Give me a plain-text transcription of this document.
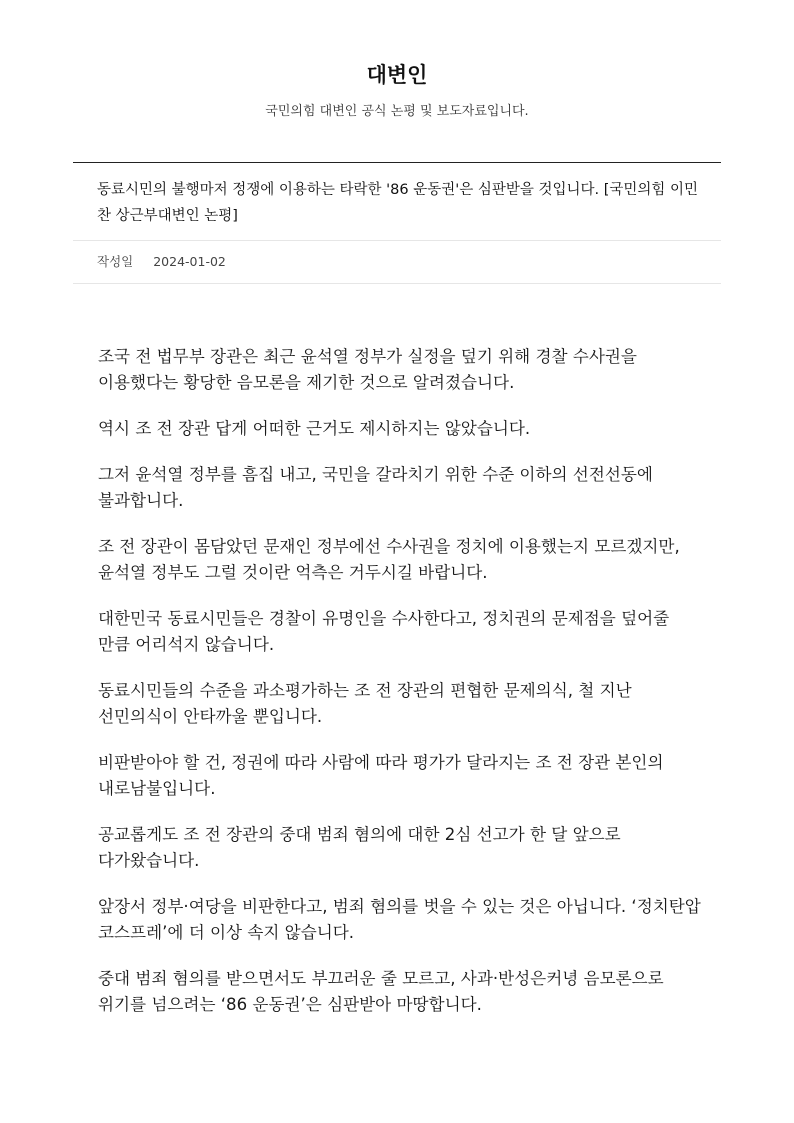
대변인
국민의힘 대변인 공식 논평 및 보도자료입니다.
동료시민의 불행마저 정쟁에 이용하는 타락한 '86 운동권'은 심판받을 것입니다. [국민의힘 이민찬 상근부대변인 논평]
작성일 2024-01-02

조국 전 법무부 장관은 최근 윤석열 정부가 실정을 덮기 위해 경찰 수사권을 이용했다는 황당한 음모론을 제기한 것으로 알려졌습니다.

역시 조 전 장관 답게 어떠한 근거도 제시하지는 않았습니다.

그저 윤석열 정부를 흠집 내고, 국민을 갈라치기 위한 수준 이하의 선전선동에 불과합니다.

조 전 장관이 몸담았던 문재인 정부에선 수사권을 정치에 이용했는지 모르겠지만, 윤석열 정부도 그럴 것이란 억측은 거두시길 바랍니다.

대한민국 동료시민들은 경찰이 유명인을 수사한다고, 정치권의 문제점을 덮어줄 만큼 어리석지 않습니다.

동료시민들의 수준을 과소평가하는 조 전 장관의 편협한 문제의식, 철 지난 선민의식이 안타까울 뿐입니다.

비판받아야 할 건, 정권에 따라 사람에 따라 평가가 달라지는 조 전 장관 본인의 내로남불입니다.

공교롭게도 조 전 장관의 중대 범죄 혐의에 대한 2심 선고가 한 달 앞으로 다가왔습니다.

앞장서 정부·여당을 비판한다고, 범죄 혐의를 벗을 수 있는 것은 아닙니다. ‘정치탄압 코스프레’에 더 이상 속지 않습니다.

중대 범죄 혐의를 받으면서도 부끄러운 줄 모르고, 사과·반성은커녕 음모론으로 위기를 넘으려는 ‘86 운동권’은 심판받아 마땅합니다.
